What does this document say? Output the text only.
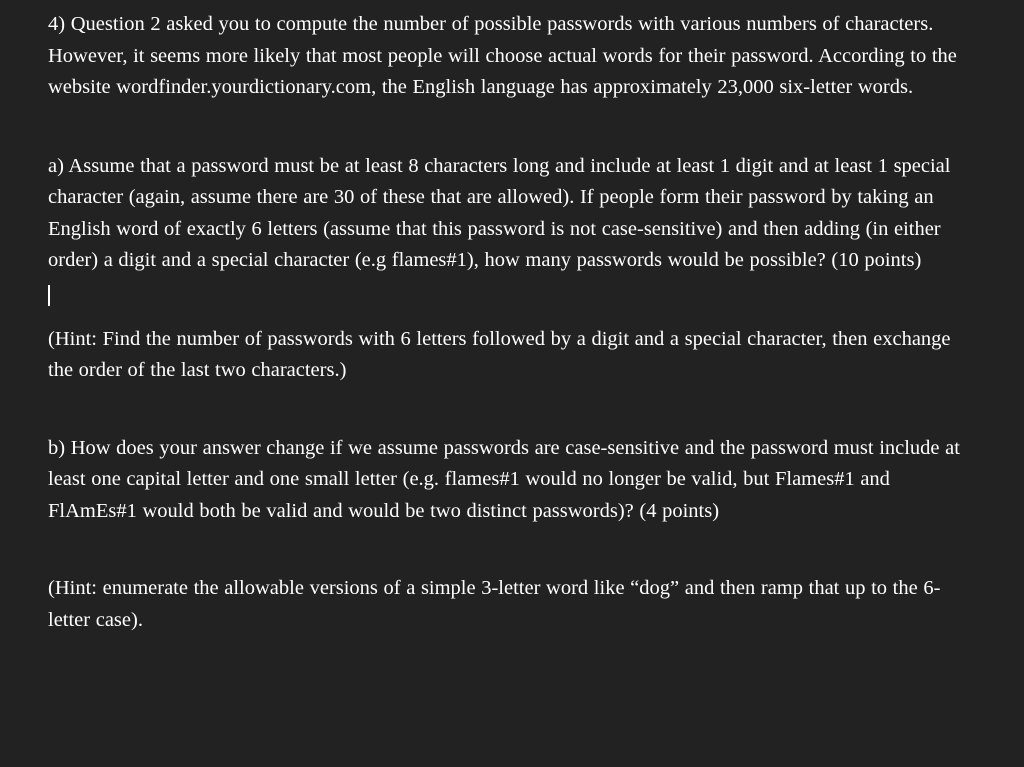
4) Question 2 asked you to compute the number of possible passwords with various numbers of characters. However, it seems more likely that most people will choose actual words for their password. According to the website wordfinder.yourdictionary.com, the English language has approximately 23,000 six-letter words.

a) Assume that a password must be at least 8 characters long and include at least 1 digit and at least 1 special character (again, assume there are 30 of these that are allowed). If people form their password by taking an English word of exactly 6 letters (assume that this password is not case-sensitive) and then adding (in either order) a digit and a special character (e.g flames#1), how many passwords would be possible? (10 points)

(Hint: Find the number of passwords with 6 letters followed by a digit and a special character, then exchange the order of the last two characters.)

b) How does your answer change if we assume passwords are case-sensitive and the password must include at least one capital letter and one small letter (e.g. flames#1 would no longer be valid, but Flames#1 and FlAmEs#1 would both be valid and would be two distinct passwords)? (4 points)

(Hint: enumerate the allowable versions of a simple 3-letter word like “dog” and then ramp that up to the 6-letter case).
